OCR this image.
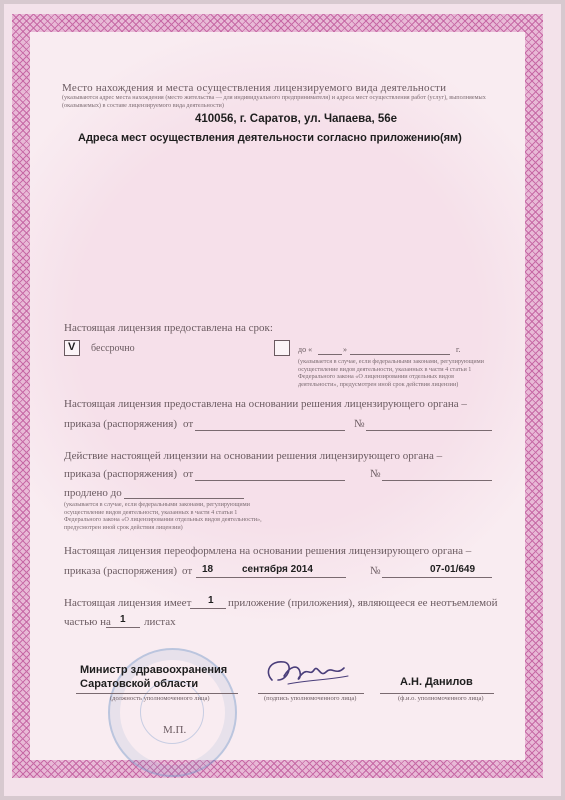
Место нахождения и места осуществления лицензируемого вида деятельности
(указываются адрес места нахождения (место жительства — для индивидуального предпринимателя) и адреса мест осуществления работ (услуг), выполняемых (оказываемых) в составе лицензируемого вида деятельности)
410056, г. Саратов, ул. Чапаева, 56е
Адреса мест осуществления деятельности согласно приложению(ям)
Настоящая лицензия предоставлена на срок:
V бессрочно	до «	»	г.
(указывается в случае, если федеральными законами, регулирующими осуществление видов деятельности, указанных в части 4 статьи 1 Федерального закона «О лицензировании отдельных видов деятельности», предусмотрен иной срок действия лицензии)
Настоящая лицензия предоставлена на основании решения лицензирующего органа –
приказа (распоряжения) от	№
Действие настоящей лицензии на основании решения лицензирующего органа –
приказа (распоряжения) от	№
продлено до
(указывается в случае, если федеральными законами, регулирующими осуществление видов деятельности, указанных в части 4 статьи 1 Федерального закона «О лицензировании отдельных видов деятельности», предусмотрен иной срок действия лицензии)
Настоящая лицензия переоформлена на основании решения лицензирующего органа –
приказа (распоряжения) от 18	сентября 2014	№	07-01/649
Настоящая лицензия имеет 1 приложение (приложения), являющееся ее неотъемлемой
частью на 1 листах
Министр здравоохранения
Саратовской области
(должность уполномоченного лица)	(подпись уполномоченного лица)
А.Н. Данилов
(ф.и.о. уполномоченного лица)
М.П.
